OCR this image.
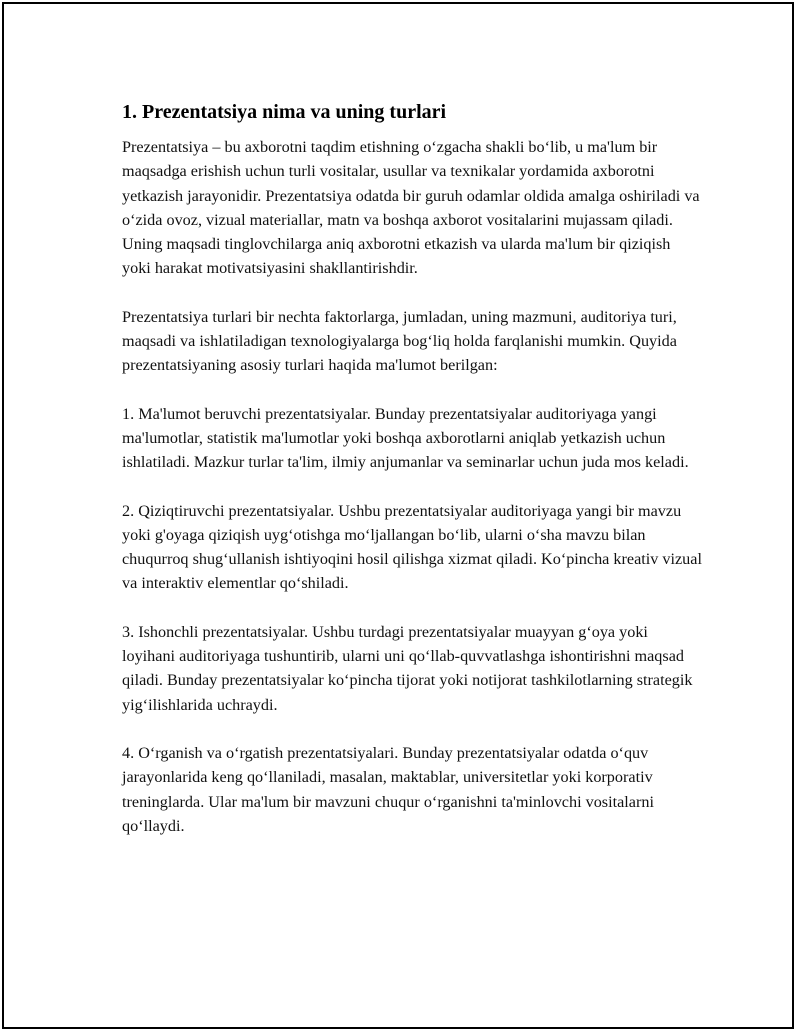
1. Prezentatsiya nima va uning turlari

Prezentatsiya – bu axborotni taqdim etishning o‘zgacha shakli bo‘lib, u ma'lum bir maqsadga erishish uchun turli vositalar, usullar va texnikalar yordamida axborotni yetkazish jarayonidir. Prezentatsiya odatda bir guruh odamlar oldida amalga oshiriladi va o‘zida ovoz, vizual materiallar, matn va boshqa axborot vositalarini mujassam qiladi. Uning maqsadi tinglovchilarga aniq axborotni etkazish va ularda ma'lum bir qiziqish yoki harakat motivatsiyasini shakllantirishdir.

Prezentatsiya turlari bir nechta faktorlarga, jumladan, uning mazmuni, auditoriya turi, maqsadi va ishlatiladigan texnologiyalarga bog‘liq holda farqlanishi mumkin. Quyida prezentatsiyaning asosiy turlari haqida ma'lumot berilgan:

1. Ma'lumot beruvchi prezentatsiyalar. Bunday prezentatsiyalar auditoriyaga yangi ma'lumotlar, statistik ma'lumotlar yoki boshqa axborotlarni aniqlab yetkazish uchun ishlatiladi. Mazkur turlar ta'lim, ilmiy anjumanlar va seminarlar uchun juda mos keladi.

2. Qiziqtiruvchi prezentatsiyalar. Ushbu prezentatsiyalar auditoriyaga yangi bir mavzu yoki g'oyaga qiziqish uyg‘otishga mo‘ljallangan bo‘lib, ularni o‘sha mavzu bilan chuqurroq shug‘ullanish ishtiyoqini hosil qilishga xizmat qiladi. Ko‘pincha kreativ vizual va interaktiv elementlar qo‘shiladi.

3. Ishonchli prezentatsiyalar. Ushbu turdagi prezentatsiyalar muayyan g‘oya yoki loyihani auditoriyaga tushuntirib, ularni uni qo‘llab-quvvatlashga ishontirishni maqsad qiladi. Bunday prezentatsiyalar ko‘pincha tijorat yoki notijorat tashkilotlarning strategik yig‘ilishlarida uchraydi.

4. O‘rganish va o‘rgatish prezentatsiyalari. Bunday prezentatsiyalar odatda o‘quv jarayonlarida keng qo‘llaniladi, masalan, maktablar, universitetlar yoki korporativ treninglarda. Ular ma'lum bir mavzuni chuqur o‘rganishni ta'minlovchi vositalarni qo‘llaydi.
